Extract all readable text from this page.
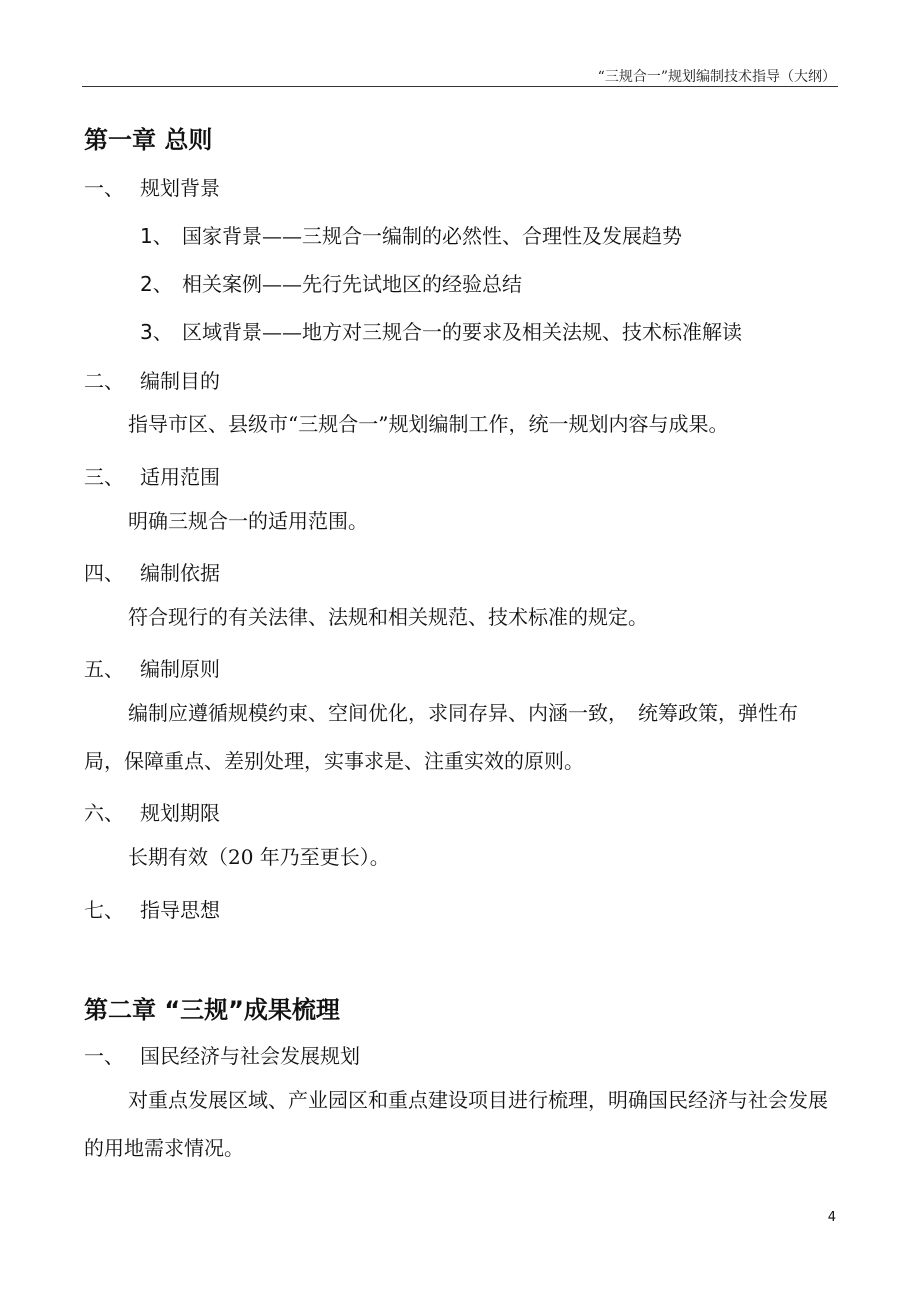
“三规合一”规划编制技术指导（大纲）
第一章 总则
一、 规划背景
1、 国家背景——三规合一编制的必然性、合理性及发展趋势
2、 相关案例——先行先试地区的经验总结
3、 区域背景——地方对三规合一的要求及相关法规、技术标准解读
二、 编制目的
指导市区、县级市“三规合一”规划编制工作，统一规划内容与成果。
三、 适用范围
明确三规合一的适用范围。
四、 编制依据
符合现行的有关法律、法规和相关规范、技术标准的规定。
五、 编制原则
编制应遵循规模约束、空间优化，求同存异、内涵一致，　统筹政策，弹性布局，保障重点、差别处理，实事求是、注重实效的原则。
六、 规划期限
长期有效（20 年乃至更长）。
七、 指导思想
第二章 “三规”成果梳理
一、 国民经济与社会发展规划
对重点发展区域、产业园区和重点建设项目进行梳理，明确国民经济与社会发展的用地需求情况。
4
